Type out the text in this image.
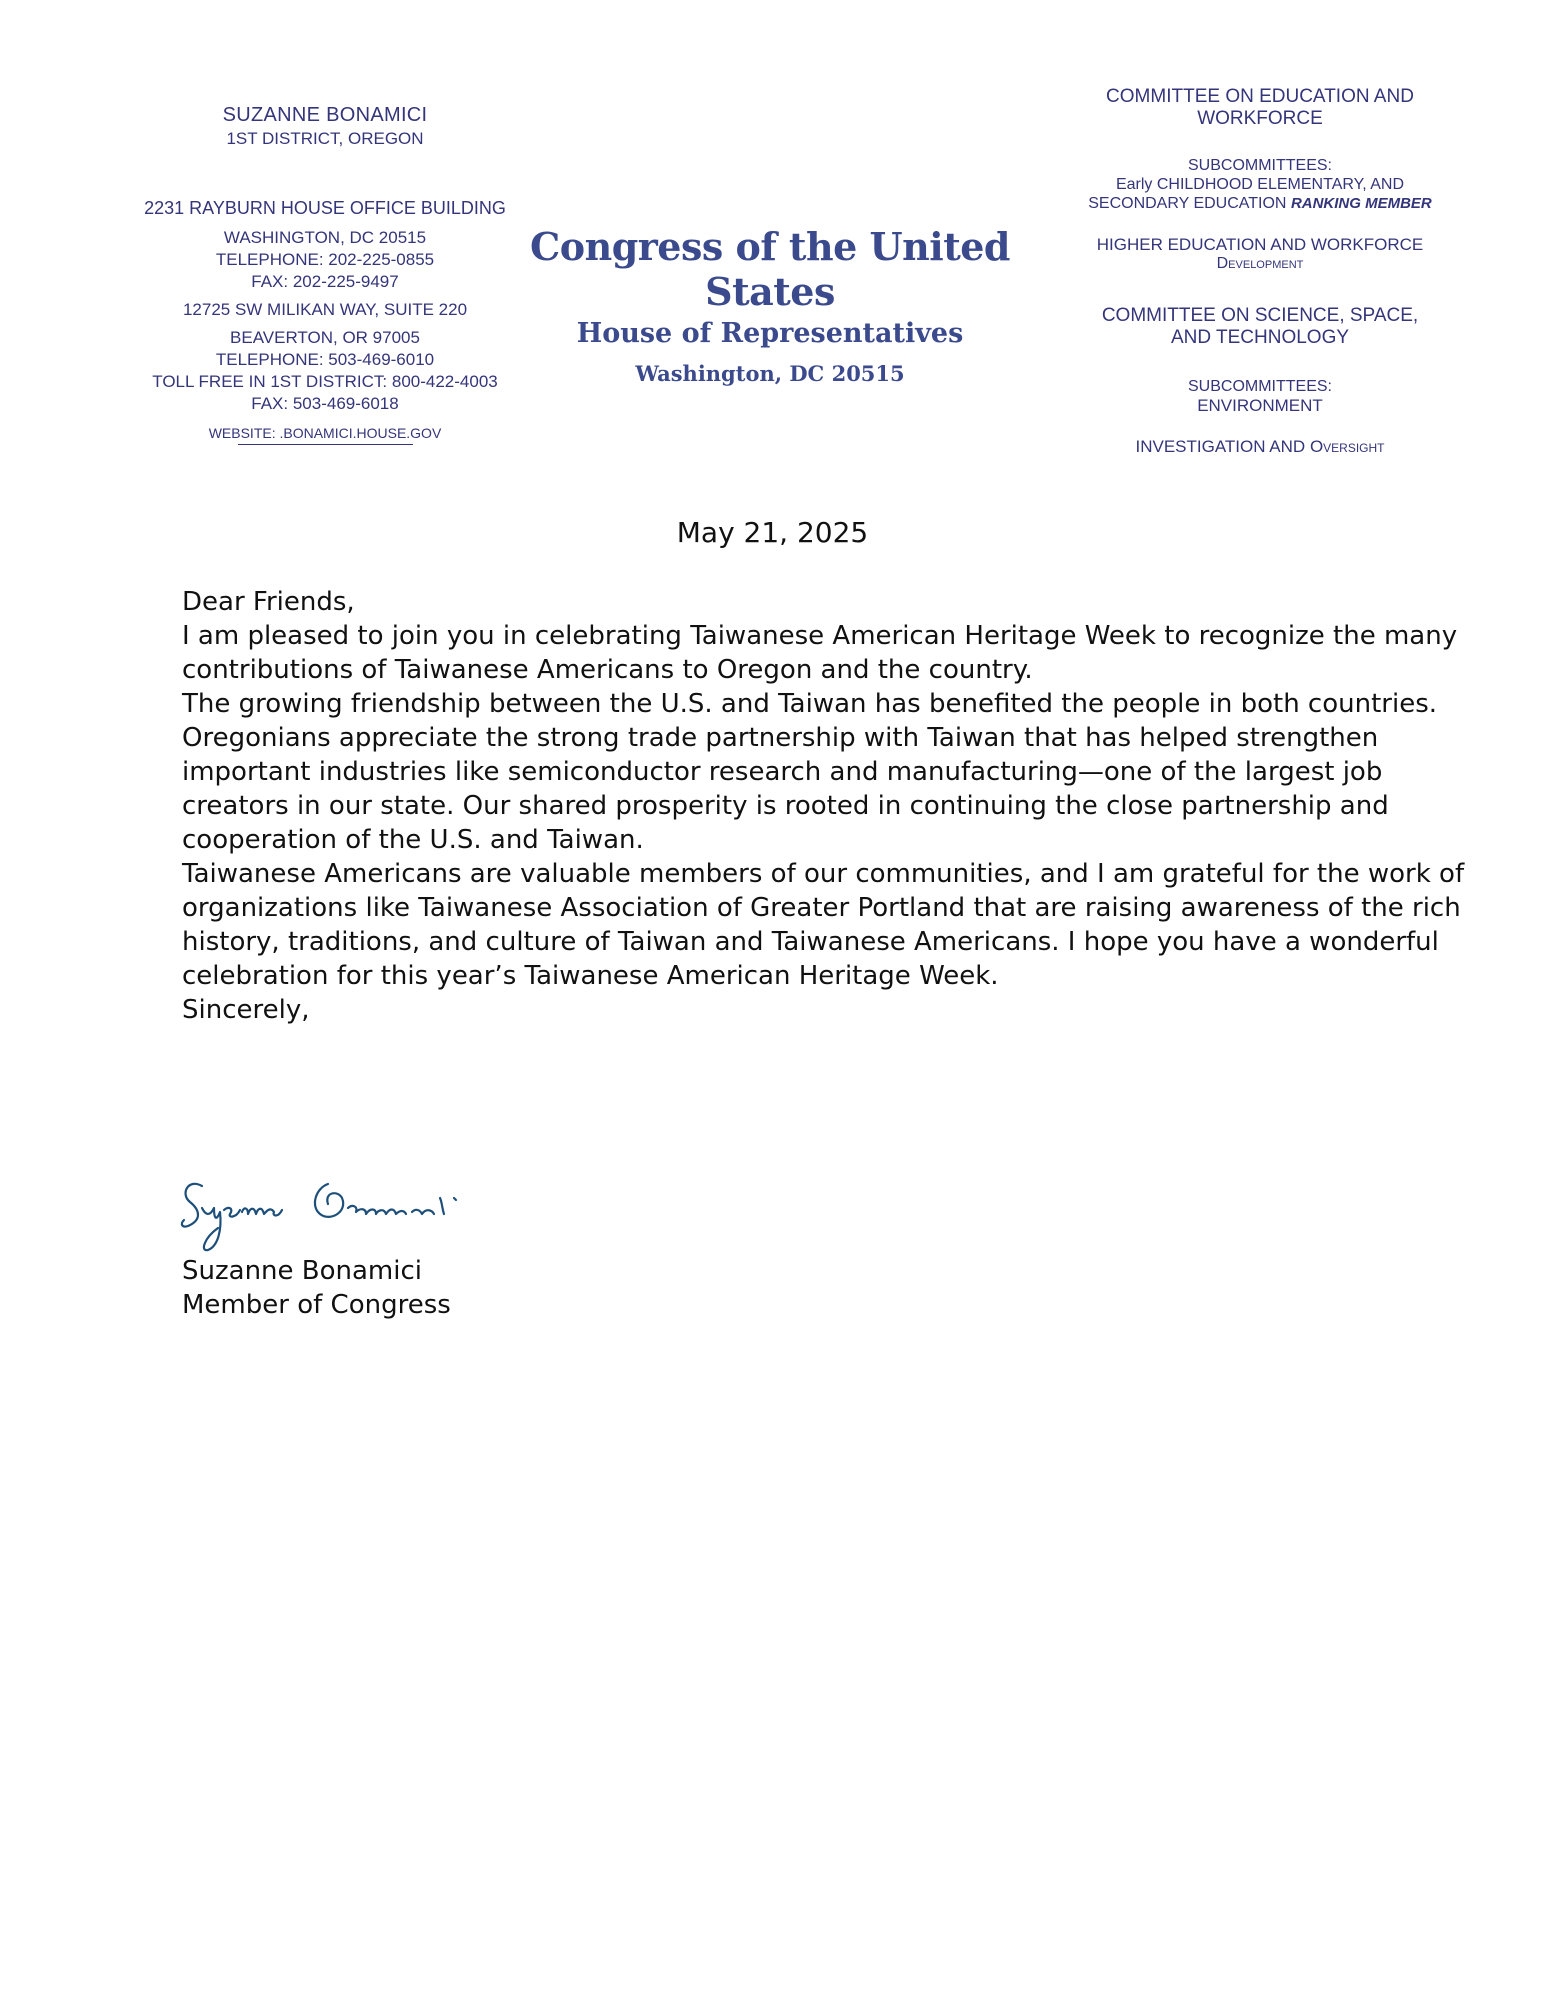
SUZANNE BONAMICI
1ST DISTRICT, OREGON
2231 RAYBURN HOUSE OFFICE BUILDING
WASHINGTON, DC 20515
TELEPHONE: 202-225-0855
FAX: 202-225-9497
12725 SW MILIKAN WAY, SUITE 220
BEAVERTON, OR 97005
TELEPHONE: 503-469-6010
TOLL FREE IN 1ST DISTRICT: 800-422-4003
FAX: 503-469-6018
WEBSITE: .BONAMICI.HOUSE.GOV
Congress of the United States
House of Representatives
Washington, DC 20515
COMMITTEE ON EDUCATION AND
WORKFORCE
SUBCOMMITTEES:
Early CHILDHOOD ELEMENTARY, AND
SECONDARY EDUCATION RANKING MEMBER
HIGHER EDUCATION AND WORKFORCE
Development
COMMITTEE ON SCIENCE, SPACE,
AND TECHNOLOGY
SUBCOMMITTEES:
ENVIRONMENT
INVESTIGATION AND Oversight
May 21, 2025

Dear Friends,

I am pleased to join you in celebrating Taiwanese American Heritage Week to recognize the many contributions of Taiwanese Americans to Oregon and the country.

The growing friendship between the U.S. and Taiwan has benefited the people in both countries. Oregonians appreciate the strong trade partnership with Taiwan that has helped strengthen important industries like semiconductor research and manufacturing—one of the largest job creators in our state. Our shared prosperity is rooted in continuing the close partnership and cooperation of the U.S. and Taiwan.

Taiwanese Americans are valuable members of our communities, and I am grateful for the work of organizations like Taiwanese Association of Greater Portland that are raising awareness of the rich history, traditions, and culture of Taiwan and Taiwanese Americans. I hope you have a wonderful celebration for this year’s Taiwanese American Heritage Week.

Sincerely,

Suzanne Bonamici

Member of Congress
